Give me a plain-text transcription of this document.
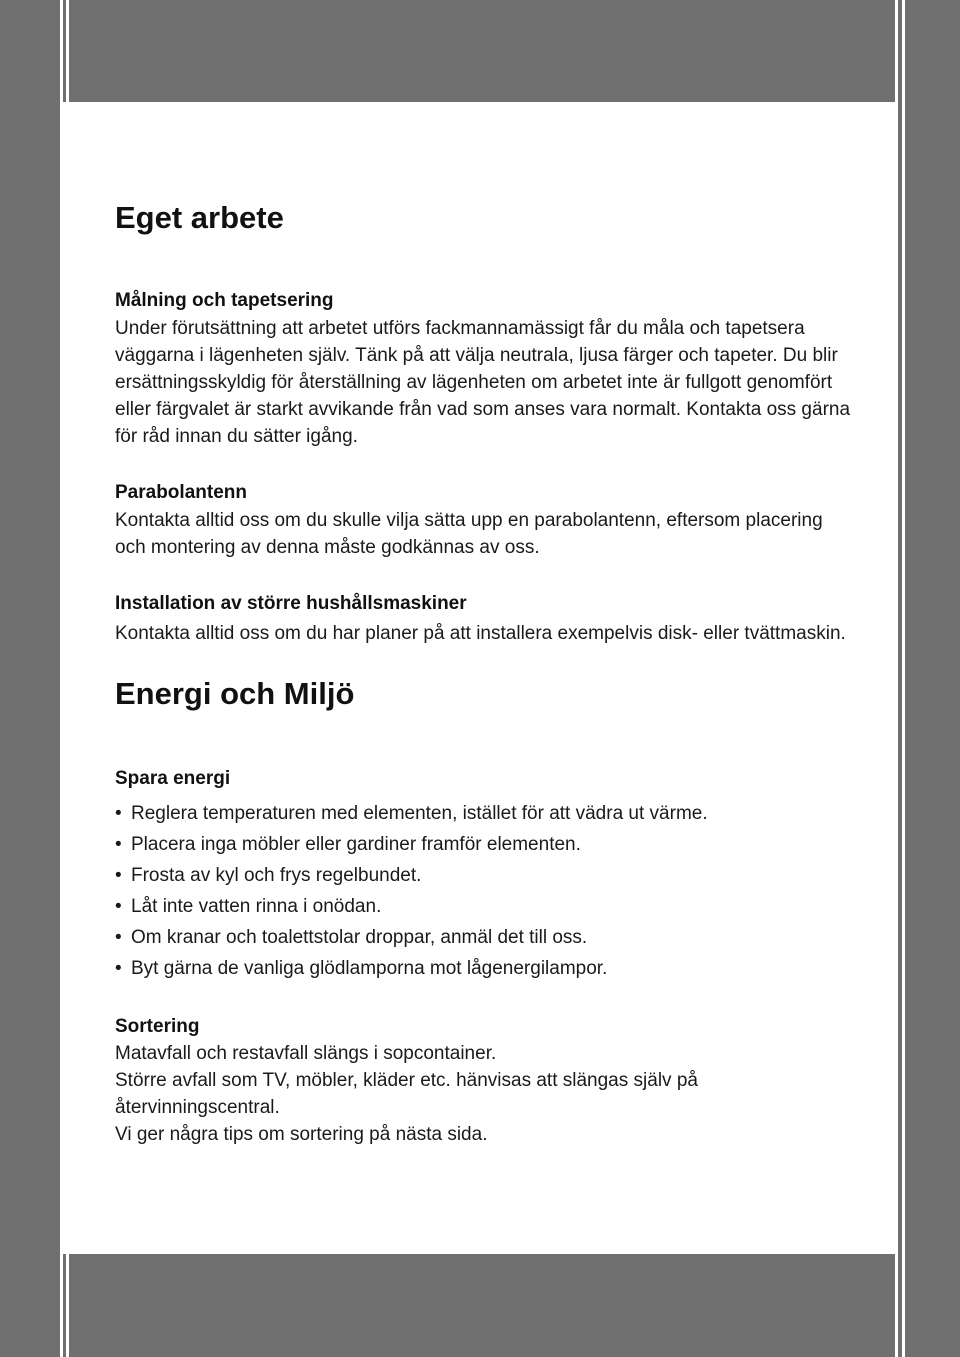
Eget arbete
Målning och tapetsering

Under förutsättning att arbetet utförs fackmannamässigt får du måla och tapetsera väggarna i lägenheten själv. Tänk på att välja neutrala, ljusa färger och tapeter. Du blir ersättningsskyldig för återställning av lägenheten om arbetet inte är fullgott genomfört eller färgvalet är starkt avvikande från vad som anses vara normalt. Kontakta oss gärna för råd innan du sätter igång.

Parabolantenn

Kontakta alltid oss om du skulle vilja sätta upp en parabolantenn, eftersom placering och montering av denna måste godkännas av oss.

Installation av större hushållsmaskiner

Kontakta alltid oss om du har planer på att installera exempelvis disk- eller tvättmaskin.

Energi och Miljö
Spara energi
• Reglera temperaturen med elementen, istället för att vädra ut värme.
• Placera inga möbler eller gardiner framför elementen.
• Frosta av kyl och frys regelbundet.
• Låt inte vatten rinna i onödan.
• Om kranar och toalettstolar droppar, anmäl det till oss.
• Byt gärna de vanliga glödlamporna mot lågenergilampor.
Sortering

Matavfall och restavfall slängs i sopcontainer.

Större avfall som TV, möbler, kläder etc. hänvisas att slängas själv på återvinningscentral.

Vi ger några tips om sortering på nästa sida.
